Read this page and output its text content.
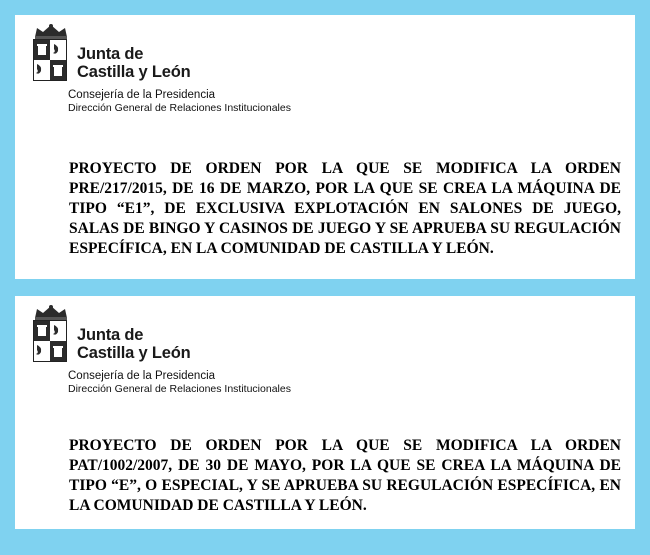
Junta de
Castilla y León
Consejería de la Presidencia
Dirección General de Relaciones Institucionales

PROYECTO DE ORDEN POR LA QUE SE MODIFICA LA ORDEN PRE/217/2015, DE 16 DE MARZO, POR LA QUE SE CREA LA MÁQUINA DE TIPO “E1”, DE EXCLUSIVA EXPLOTACIÓN EN SALONES DE JUEGO, SALAS DE BINGO Y CASINOS DE JUEGO Y SE APRUEBA SU REGULACIÓN ESPECÍFICA, EN LA COMUNIDAD DE CASTILLA Y LEÓN.

Junta de
Castilla y León
Consejería de la Presidencia
Dirección General de Relaciones Institucionales

PROYECTO DE ORDEN POR LA QUE SE MODIFICA LA ORDEN PAT/1002/2007, DE 30 DE MAYO, POR LA QUE SE CREA LA MÁQUINA DE TIPO “E”, O ESPECIAL, Y SE APRUEBA SU REGULACIÓN ESPECÍFICA, EN LA COMUNIDAD DE CASTILLA Y LEÓN.
